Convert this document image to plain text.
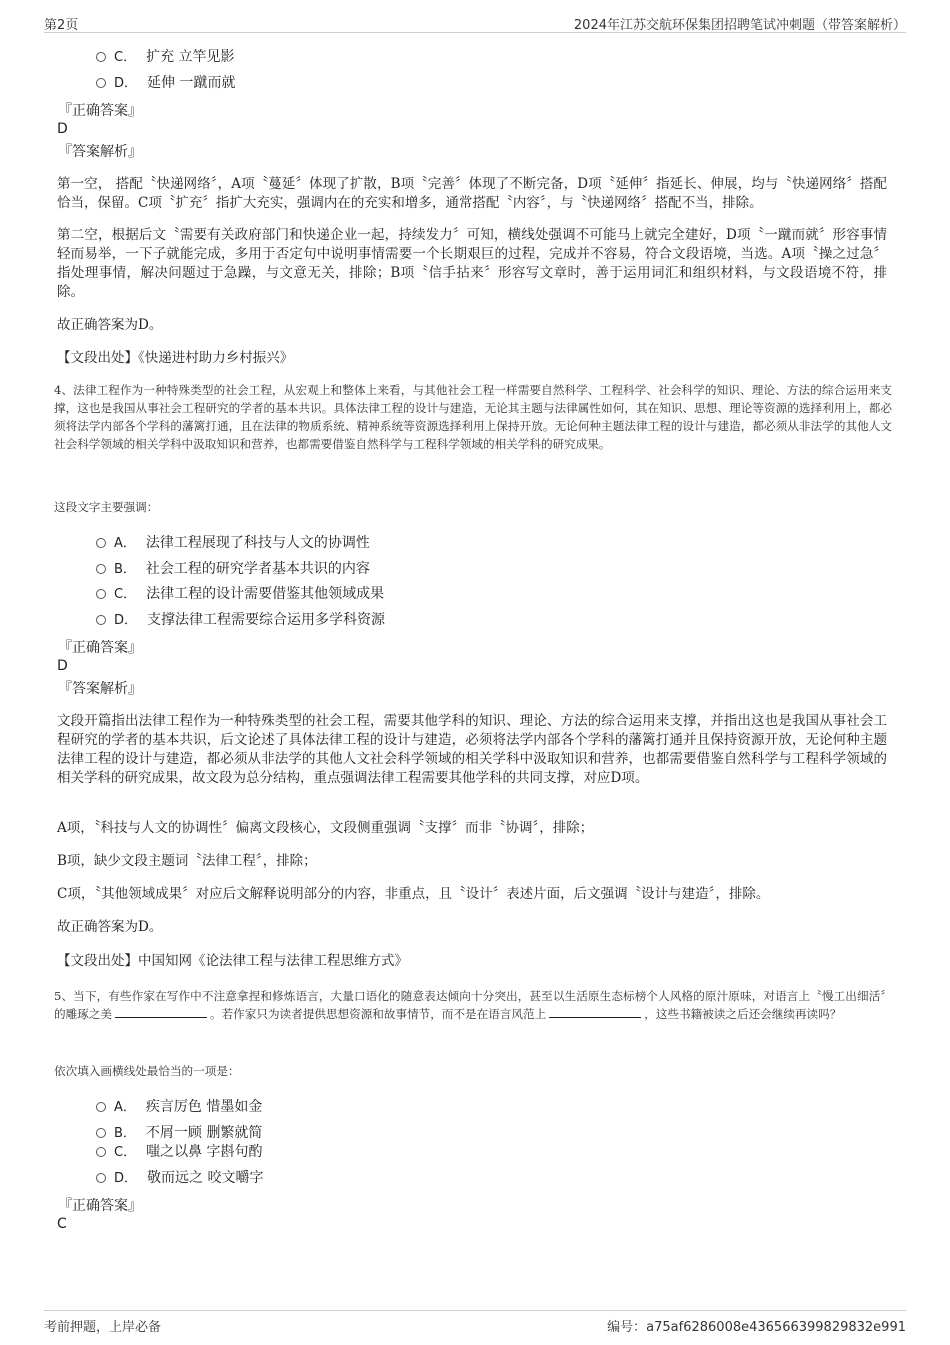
第2页	2024年江苏交航环保集团招聘笔试冲刺题（带答案解析）
C． 扩充 立竿见影
D． 延伸 一蹴而就
『正确答案』
D
『答案解析』
第一空， 搭配〝快递网络〞，A项〝蔓延〞体现了扩散，B项〝完善〞体现了不断完备，D项〝延伸〞指延长、伸展，均与〝快递网络〞搭配恰当，保留。C项〝扩充〞指扩大充实，强调内在的充实和增多，通常搭配〝内容〞，与〝快递网络〞搭配不当，排除。
第二空，根据后文〝需要有关政府部门和快递企业一起，持续发力〞可知，横线处强调不可能马上就完全建好，D项〝一蹴而就〞形容事情轻而易举，一下子就能完成，多用于否定句中说明事情需要一个长期艰巨的过程，完成并不容易，符合文段语境，当选。A项〝操之过急〞指处理事情，解决问题过于急躁，与文意无关，排除；B项〝信手拈来〞形容写文章时，善于运用词汇和组织材料，与文段语境不符，排除。
故正确答案为D。
【文段出处】《快递进村助力乡村振兴》
4、法律工程作为一种特殊类型的社会工程，从宏观上和整体上来看，与其他社会工程一样需要自然科学、工程科学、社会科学的知识、理论、方法的综合运用来支撑，这也是我国从事社会工程研究的学者的基本共识。具体法律工程的设计与建造，无论其主题与法律属性如何，其在知识、思想、理论等资源的选择利用上，都必须将法学内部各个学科的藩篱打通，且在法律的物质系统、精神系统等资源选择利用上保持开放。无论何种主题法律工程的设计与建造，都必须从非法学的其他人文社会科学领域的相关学科中汲取知识和营养，也都需要借鉴自然科学与工程科学领域的相关学科的研究成果。
这段文字主要强调：
A． 法律工程展现了科技与人文的协调性
B． 社会工程的研究学者基本共识的内容
C． 法律工程的设计需要借鉴其他领域成果
D． 支撑法律工程需要综合运用多学科资源
『正确答案』
D
『答案解析』
文段开篇指出法律工程作为一种特殊类型的社会工程，需要其他学科的知识、理论、方法的综合运用来支撑，并指出这也是我国从事社会工程研究的学者的基本共识，后文论述了具体法律工程的设计与建造，必须将法学内部各个学科的藩篱打通并且保持资源开放，无论何种主题法律工程的设计与建造，都必须从非法学的其他人文社会科学领域的相关学科中汲取知识和营养，也都需要借鉴自然科学与工程科学领域的相关学科的研究成果，故文段为总分结构，重点强调法律工程需要其他学科的共同支撑，对应D项。
A项，〝科技与人文的协调性〞偏离文段核心，文段侧重强调〝支撑〞而非〝协调〞，排除；
B项，缺少文段主题词〝法律工程〞，排除；
C项，〝其他领域成果〞对应后文解释说明部分的内容，非重点，且〝设计〞表述片面，后文强调〝设计与建造〞，排除。
故正确答案为D。
【文段出处】中国知网《论法律工程与法律工程思维方式》
5、当下，有些作家在写作中不注意拿捏和修炼语言，大量口语化的随意表达倾向十分突出，甚至以生活原生态标榜个人风格的原汁原味，对语言上〝慢工出细活〞的雕琢之美	。若作家只为读者提供思想资源和故事情节，而不是在语言风范上	，这些书籍被读之后还会继续再读吗？
依次填入画横线处最恰当的一项是：
A． 疾言厉色 惜墨如金
B． 不屑一顾 删繁就简
C． 嗤之以鼻 字斟句酌
D． 敬而远之 咬文嚼字
『正确答案』
C
考前押题，上岸必备	编号：a75af6286008e436566399829832e991
